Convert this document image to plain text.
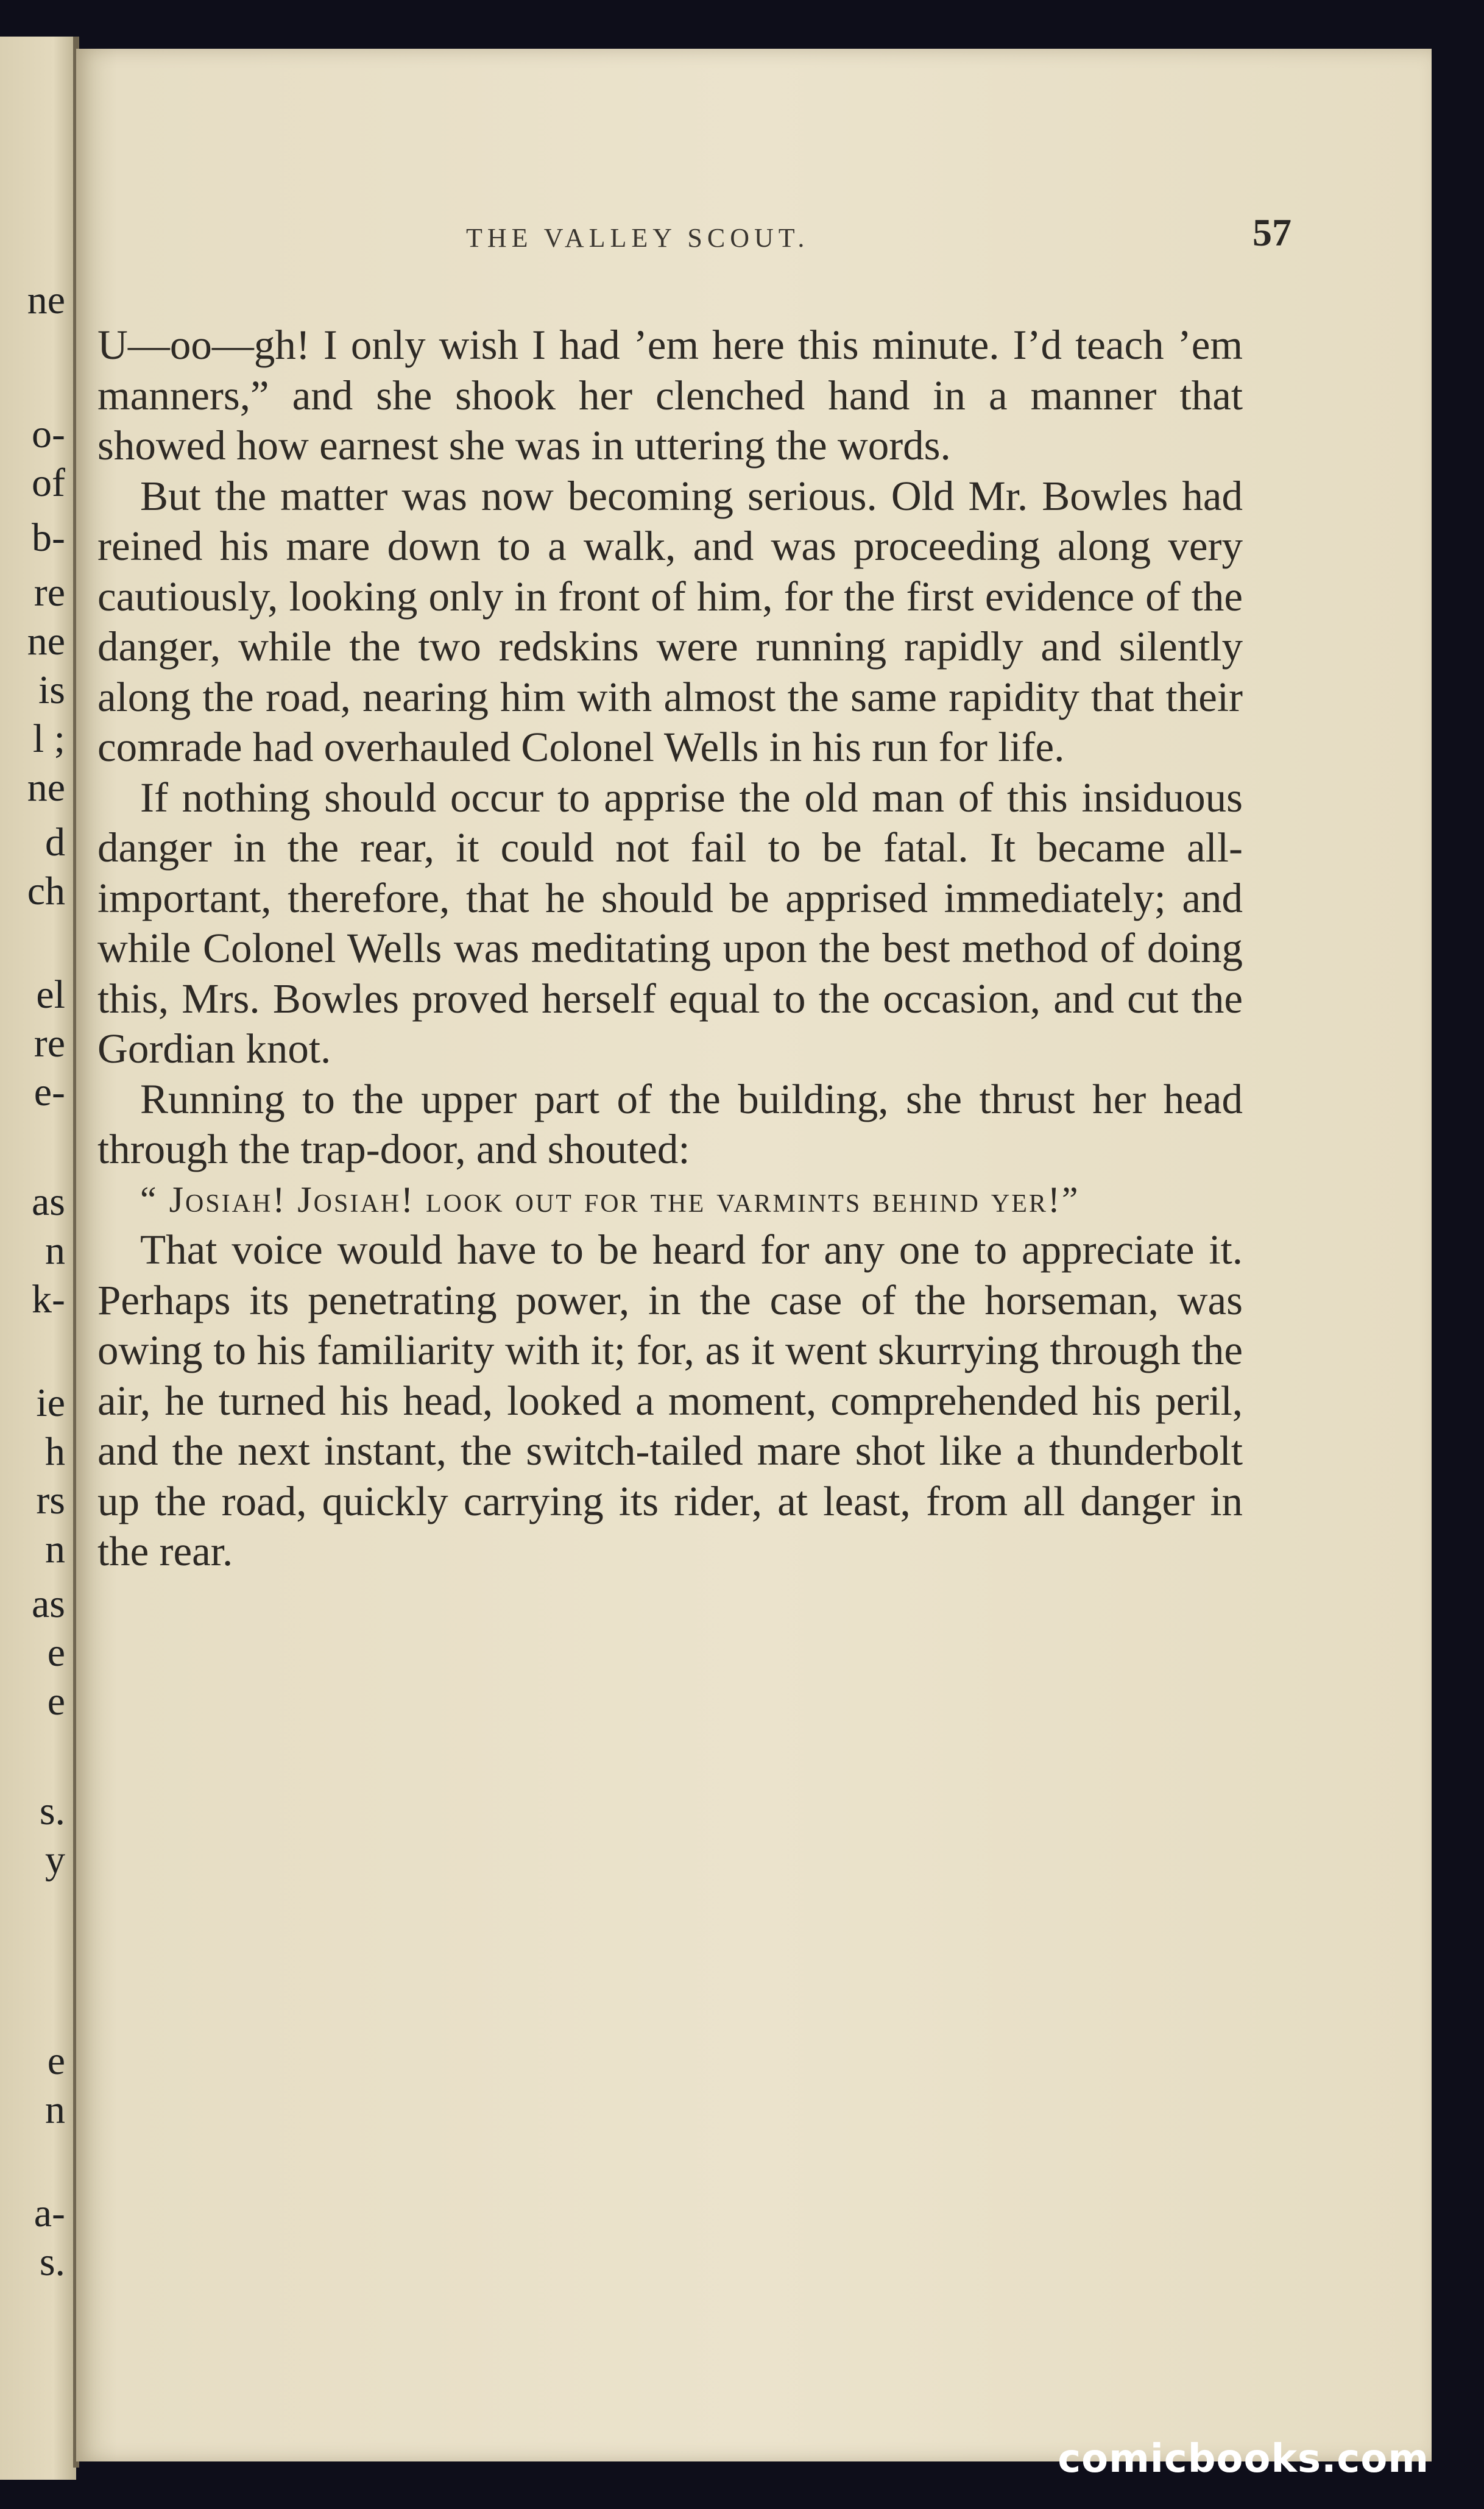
ne
o-
of
b-
re
ne
is
l ;
ne
d
ch
el
re
e-
as
n
k-
ie
h
rs
n
as
e
e
s.
y
e
n
a-
s.
THE VALLEY SCOUT.	57

U—oo—gh! I only wish I had ’em here this minute. I’d teach ’em manners,” and she shook her clenched hand in a manner that showed how earnest she was in uttering the words.

But the matter was now becoming serious. Old Mr. Bowles had reined his mare down to a walk, and was proceeding along very cautiously, looking only in front of him, for the first evidence of the danger, while the two redskins were running rapidly and silently along the road, nearing him with almost the same rapidity that their comrade had overhauled Colonel Wells in his run for life.

If nothing should occur to apprise the old man of this insiduous danger in the rear, it could not fail to be fatal. It became all-important, therefore, that he should be apprised immediately; and while Colonel Wells was meditating upon the best method of doing this, Mrs. Bowles proved herself equal to the occasion, and cut the Gordian knot.

Running to the upper part of the building, she thrust her head through the trap-door, and shouted:

“ Josiah! Josiah! look out for the varmints behind yer!”

That voice would have to be heard for any one to appreciate it. Perhaps its penetrating power, in the case of the horseman, was owing to his familiarity with it; for, as it went skurrying through the air, he turned his head, looked a moment, comprehended his peril, and the next instant, the switch-tailed mare shot like a thunderbolt up the road, quickly carrying its rider, at least, from all danger in the rear.

comicbooks.com
